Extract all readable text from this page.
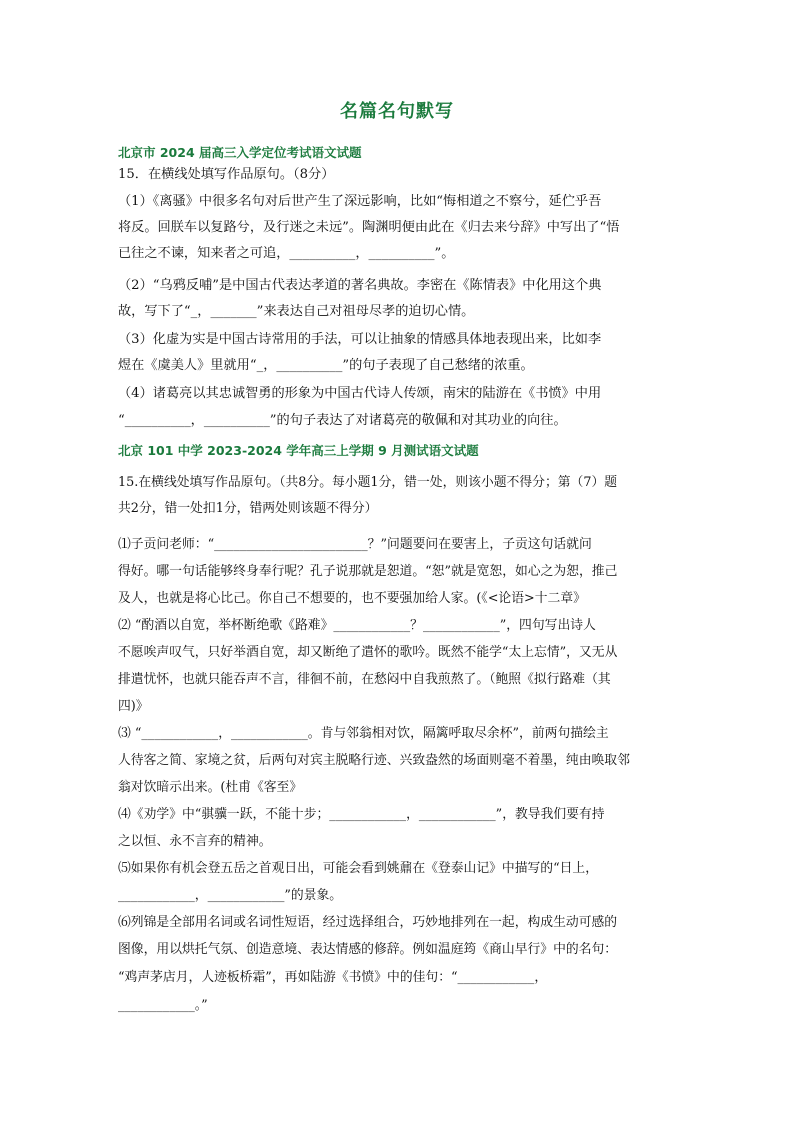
名篇名句默写
北京市 2024 届高三入学定位考试语文试题
15．在横线处填写作品原句。（8分）
（1）《离骚》中很多名句对后世产生了深远影响，比如“悔相道之不察兮，延伫乎吾
将反。回朕车以复路兮，及行迷之未远”。陶渊明便由此在《归去来兮辞》中写出了“悟
已往之不谏，知来者之可追，__________，__________”。
（2）“乌鸦反哺”是中国古代表达孝道的著名典故。李密在《陈情表》中化用这个典
故，写下了“_，_______”来表达自己对祖母尽孝的迫切心情。
（3）化虚为实是中国古诗常用的手法，可以让抽象的情感具体地表现出来，比如李
煜在《虞美人》里就用“_，__________”的句子表现了自己愁绪的浓重。
（4）诸葛亮以其忠诚智勇的形象为中国古代诗人传颂，南宋的陆游在《书愤》中用
“__________，__________”的句子表达了对诸葛亮的敬佩和对其功业的向往。
北京 101 中学 2023-2024 学年高三上学期 9 月测试语文试题
15.在横线处填写作品原句。（共8分。每小题1分，错一处，则该小题不得分；第（7）题
共2分，错一处扣1分，错两处则该题不得分）
⑴子贡问老师：“________________________？”问题要问在要害上，子贡这句话就问
得好。哪一句话能够终身奉行呢？孔子说那就是恕道。“恕”就是宽恕，如心之为恕，推己
及人，也就是将心比己。你自己不想要的，也不要强加给人家。(《<论语>十二章》
⑵ “酌酒以自宽，举杯断绝歌《路难》____________？____________”，四句写出诗人
不愿唉声叹气，只好举酒自宽，却又断绝了遣怀的歌吟。既然不能学“太上忘情”，又无从
排遣忧怀，也就只能吞声不言，徘徊不前，在愁闷中自我煎熬了。（鲍照《拟行路难（其
四)》
⑶ “____________，____________。肯与邻翁相对饮，隔篱呼取尽余杯”，前两句描绘主
人待客之简、家境之贫，后两句对宾主脱略行迹、兴致盎然的场面则毫不着墨，纯由唤取邻
翁对饮暗示出来。(杜甫《客至》
⑷《劝学》中“骐骥一跃，不能十步；____________，____________”，教导我们要有持
之以恒、永不言弃的精神。
⑸如果你有机会登五岳之首观日出，可能会看到姚鼐在《登泰山记》中描写的“日上，
____________，____________”的景象。
⑹列锦是全部用名词或名词性短语，经过选择组合，巧妙地排列在一起，构成生动可感的
图像，用以烘托气氛、创造意境、表达情感的修辞。例如温庭筠《商山早行》中的名句：
“鸡声茅店月，人迹板桥霜”，再如陆游《书愤》中的佳句：“____________，
____________。”
